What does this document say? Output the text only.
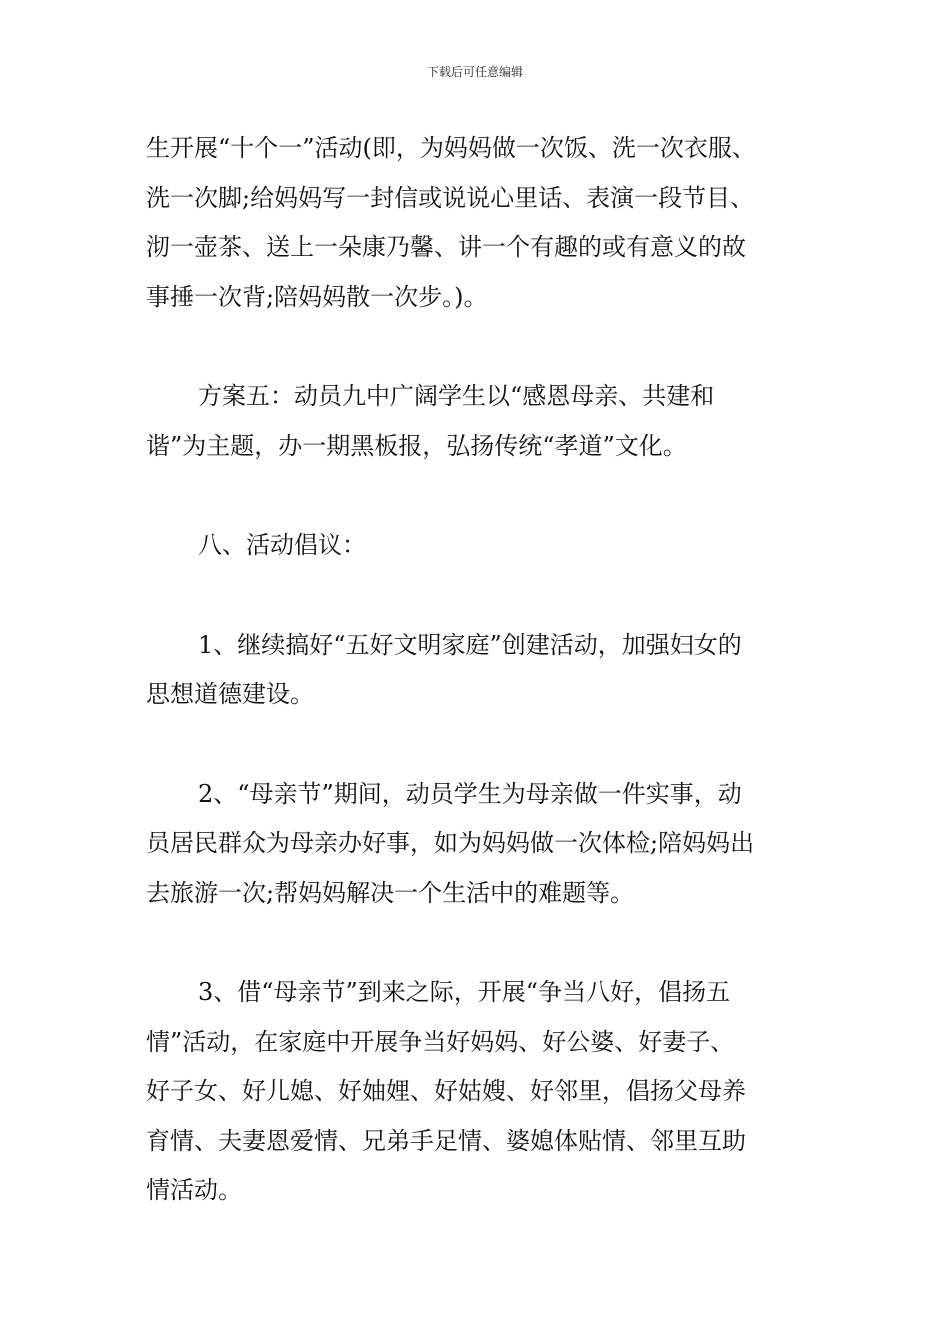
下载后可任意编辑

生开展“十个一”活动(即，为妈妈做一次饭、洗一次衣服、
洗一次脚;给妈妈写一封信或说说心里话、表演一段节目、
沏一壶茶、送上一朵康乃馨、讲一个有趣的或有意义的故
事捶一次背;陪妈妈散一次步。)。

方案五：动员九中广阔学生以“感恩母亲、共建和
谐”为主题，办一期黑板报，弘扬传统“孝道”文化。

八、活动倡议：

1、继续搞好“五好文明家庭”创建活动，加强妇女的
思想道德建设。

2、“母亲节”期间，动员学生为母亲做一件实事，动
员居民群众为母亲办好事，如为妈妈做一次体检;陪妈妈出
去旅游一次;帮妈妈解决一个生活中的难题等。

3、借“母亲节”到来之际，开展“争当八好，倡扬五
情”活动，在家庭中开展争当好妈妈、好公婆、好妻子、
好子女、好儿媳、好妯娌、好姑嫂、好邻里，倡扬父母养
育情、夫妻恩爱情、兄弟手足情、婆媳体贴情、邻里互助
情活动。
